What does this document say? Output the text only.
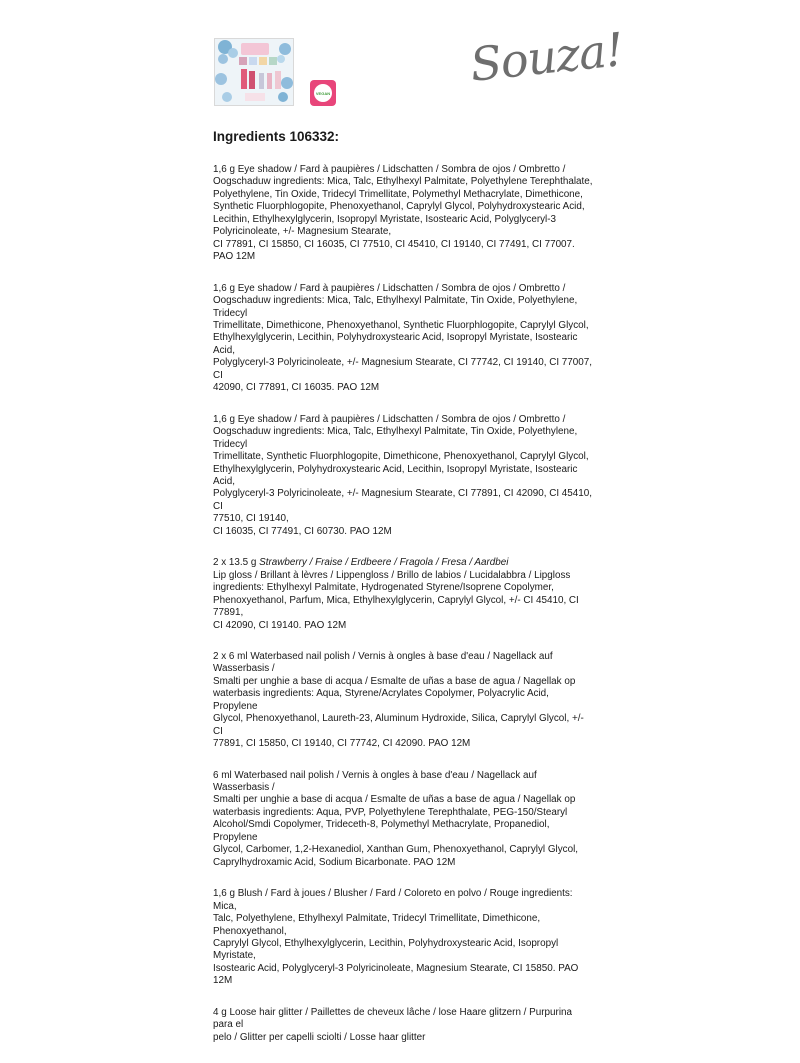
VEGAN
Souza!
Ingredients 106332:

1,6 g Eye shadow / Fard à paupières / Lidschatten / Sombra de ojos / Ombretto /
Oogschaduw ingredients: Mica, Talc, Ethylhexyl Palmitate, Polyethylene Terephthalate,
Polyethylene, Tin Oxide, Tridecyl Trimellitate, Polymethyl Methacrylate, Dimethicone,
Synthetic Fluorphlogopite, Phenoxyethanol, Caprylyl Glycol, Polyhydroxystearic Acid,
Lecithin, Ethylhexylglycerin, Isopropyl Myristate, Isostearic Acid, Polyglyceryl-3
Polyricinoleate, +/- Magnesium Stearate,
CI 77891, CI 15850, CI 16035, CI 77510, CI 45410, CI 19140, CI 77491, CI 77007. PAO 12M

1,6 g Eye shadow / Fard à paupières / Lidschatten / Sombra de ojos / Ombretto /
Oogschaduw ingredients: Mica, Talc, Ethylhexyl Palmitate, Tin Oxide, Polyethylene, Tridecyl
Trimellitate, Dimethicone, Phenoxyethanol, Synthetic Fluorphlogopite, Caprylyl Glycol,
Ethylhexylglycerin, Lecithin, Polyhydroxystearic Acid, Isopropyl Myristate, Isostearic Acid,
Polyglyceryl-3 Polyricinoleate, +/- Magnesium Stearate, CI 77742, CI 19140, CI 77007, CI
42090, CI 77891, CI 16035. PAO 12M

1,6 g Eye shadow / Fard à paupières / Lidschatten / Sombra de ojos / Ombretto /
Oogschaduw ingredients: Mica, Talc, Ethylhexyl Palmitate, Tin Oxide, Polyethylene, Tridecyl
Trimellitate, Synthetic Fluorphlogopite, Dimethicone, Phenoxyethanol, Caprylyl Glycol,
Ethylhexylglycerin, Polyhydroxystearic Acid, Lecithin, Isopropyl Myristate, Isostearic Acid,
Polyglyceryl-3 Polyricinoleate, +/- Magnesium Stearate, CI 77891, CI 42090, CI 45410, CI
77510, CI 19140,
CI 16035, CI 77491, CI 60730. PAO 12M

2 x 13.5 g Strawberry / Fraise / Erdbeere / Fragola / Fresa / Aardbei
Lip gloss / Brillant à lèvres / Lippengloss / Brillo de labios / Lucidalabbra / Lipgloss
ingredients: Ethylhexyl Palmitate, Hydrogenated Styrene/Isoprene Copolymer,
Phenoxyethanol, Parfum, Mica, Ethylhexylglycerin, Caprylyl Glycol, +/- CI 45410, CI 77891,
CI 42090, CI 19140. PAO 12M

2 x 6 ml Waterbased nail polish / Vernis à ongles à base d'eau / Nagellack auf Wasserbasis /
Smalti per unghie a base di acqua / Esmalte de uñas a base de agua / Nagellak op
waterbasis ingredients: Aqua, Styrene/Acrylates Copolymer, Polyacrylic Acid, Propylene
Glycol, Phenoxyethanol, Laureth-23, Aluminum Hydroxide, Silica, Caprylyl Glycol, +/- CI
77891, CI 15850, CI 19140, CI 77742, CI 42090. PAO 12M

6 ml Waterbased nail polish / Vernis à ongles à base d'eau / Nagellack auf Wasserbasis /
Smalti per unghie a base di acqua / Esmalte de uñas a base de agua / Nagellak op
waterbasis ingredients: Aqua, PVP, Polyethylene Terephthalate, PEG-150/Stearyl
Alcohol/Smdi Copolymer, Trideceth-8, Polymethyl Methacrylate, Propanediol, Propylene
Glycol, Carbomer, 1,2-Hexanediol, Xanthan Gum, Phenoxyethanol, Caprylyl Glycol,
Caprylhydroxamic Acid, Sodium Bicarbonate. PAO 12M

1,6 g Blush / Fard à joues / Blusher / Fard / Coloreto en polvo / Rouge ingredients: Mica,
Talc, Polyethylene, Ethylhexyl Palmitate, Tridecyl Trimellitate, Dimethicone, Phenoxyethanol,
Caprylyl Glycol, Ethylhexylglycerin, Lecithin, Polyhydroxystearic Acid, Isopropyl Myristate,
Isostearic Acid, Polyglyceryl-3 Polyricinoleate, Magnesium Stearate, CI 15850. PAO 12M

4 g Loose hair glitter / Paillettes de cheveux lâche / lose Haare glitzern / Purpurina para el
pelo / Glitter per capelli sciolti / Losse haar glitter
